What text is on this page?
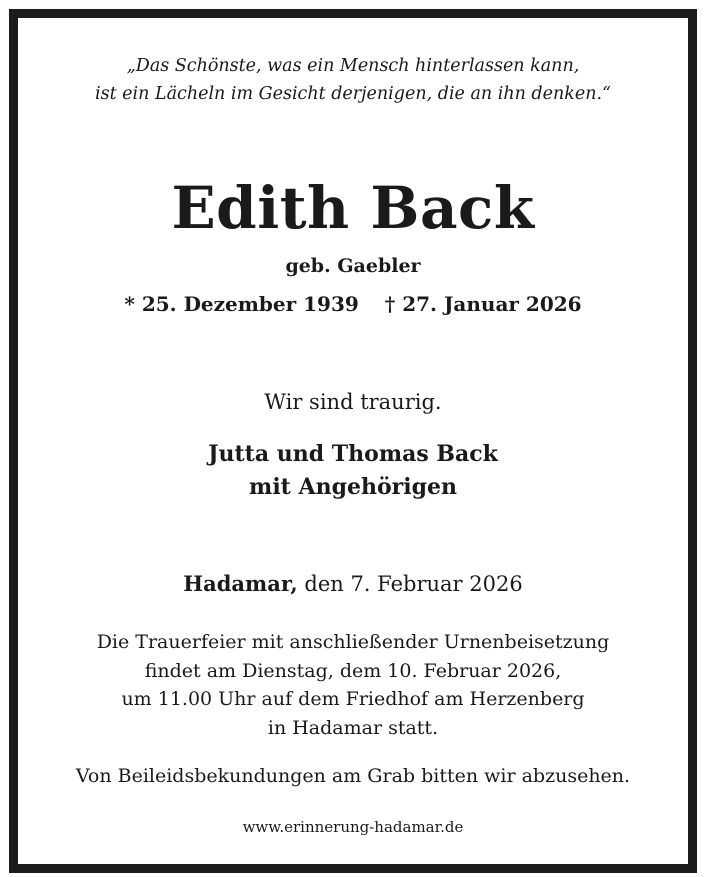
„Das Schönste, was ein Mensch hinterlassen kann,
ist ein Lächeln im Gesicht derjenigen, die an ihn denken.“
Edith Back
geb. Gaebler
* 25. Dezember 1939 † 27. Januar 2026
Wir sind traurig.
Jutta und Thomas Back
mit Angehörigen
Hadamar, den 7. Februar 2026
Die Trauerfeier mit anschließender Urnenbeisetzung
findet am Dienstag, dem 10. Februar 2026,
um 11.00 Uhr auf dem Friedhof am Herzenberg
in Hadamar statt.
Von Beileidsbekundungen am Grab bitten wir abzusehen.
www.erinnerung-hadamar.de
